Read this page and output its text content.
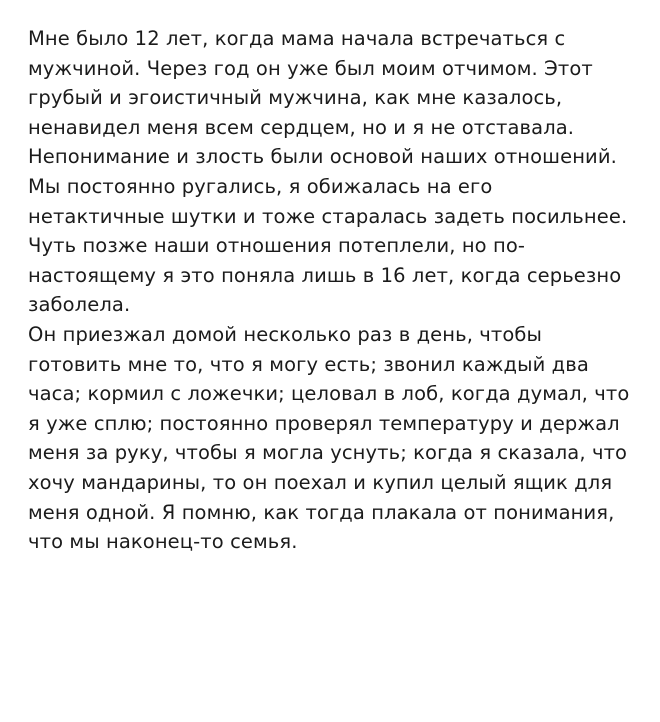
Мне было 12 лет, когда мама начала встречаться с мужчиной. Через год он уже был моим отчимом. Этот грубый и эгоистичный мужчина, как мне казалось, ненавидел меня всем сердцем, но и я не отставала. Непонимание и злость были основой наших отношений. Мы постоянно ругались, я обижалась на его нетактичные шутки и тоже старалась задеть посильнее. Чуть позже наши отношения потеплели, но по-настоящему я это поняла лишь в 16 лет, когда серьезно заболела.

Он приезжал домой несколько раз в день, чтобы готовить мне то, что я могу есть; звонил каждый два часа; кормил с ложечки; целовал в лоб, когда думал, что я уже сплю; постоянно проверял температуру и держал меня за руку, чтобы я могла уснуть; когда я сказала, что хочу мандарины, то он поехал и купил целый ящик для меня одной. Я помню, как тогда плакала от понимания, что мы наконец-то семья.
